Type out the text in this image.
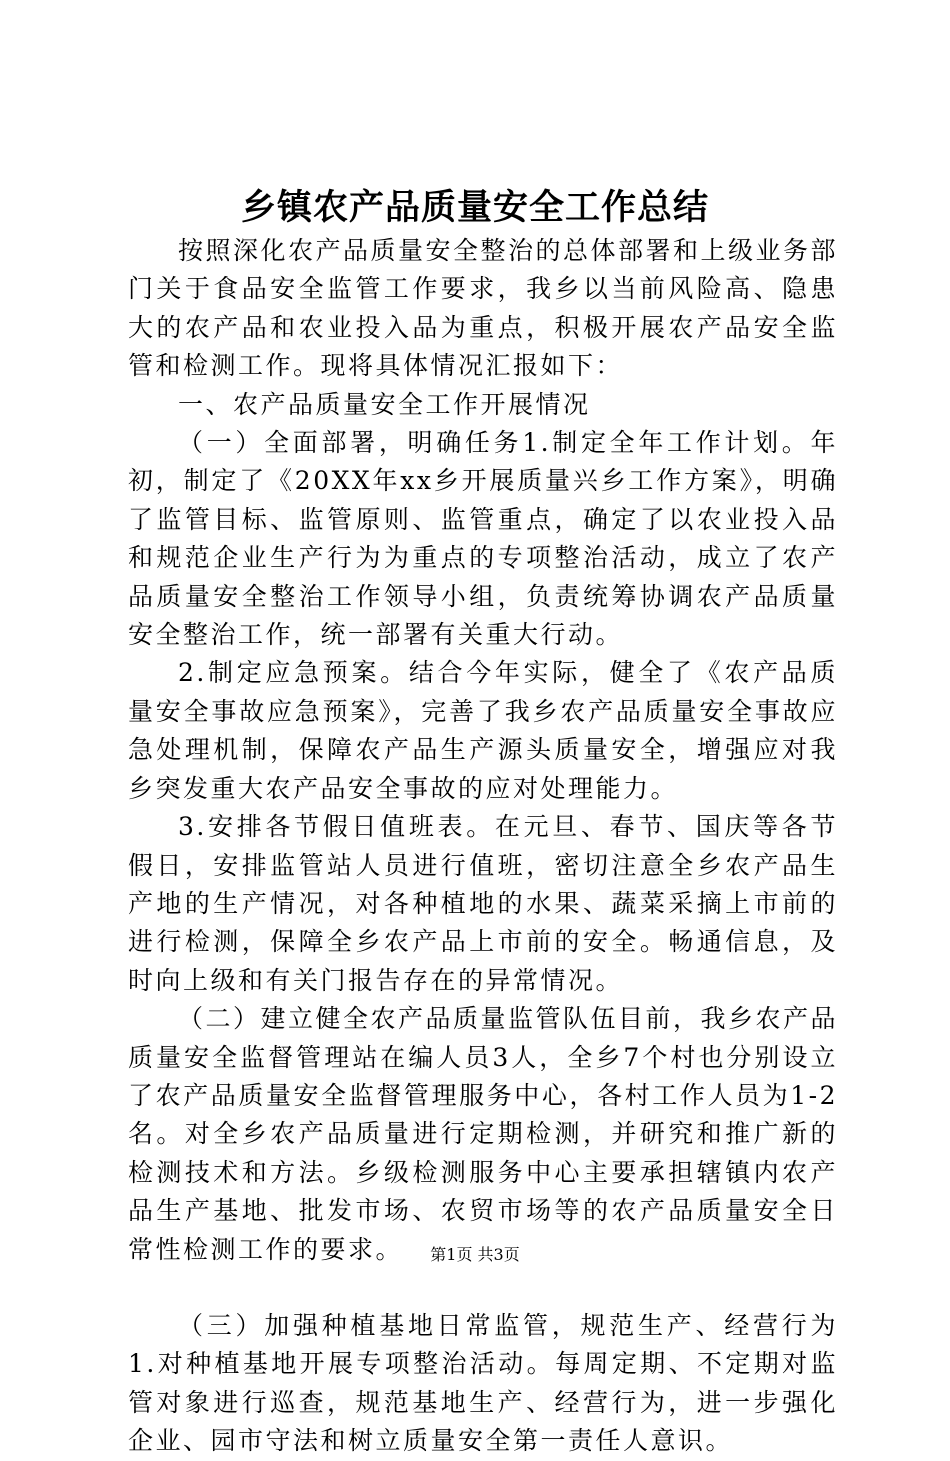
乡镇农产品质量安全工作总结

按照深化农产品质量安全整治的总体部署和上级业务部门关于食品安全监管工作要求，我乡以当前风险高、隐患大的农产品和农业投入品为重点，积极开展农产品安全监管和检测工作。现将具体情况汇报如下：

一、农产品质量安全工作开展情况

（一）全面部署，明确任务1.制定全年工作计划。年初，制定了《20XX年xx乡开展质量兴乡工作方案》，明确了监管目标、监管原则、监管重点，确定了以农业投入品和规范企业生产行为为重点的专项整治活动，成立了农产品质量安全整治工作领导小组，负责统筹协调农产品质量安全整治工作，统一部署有关重大行动。

2.制定应急预案。结合今年实际，健全了《农产品质量安全事故应急预案》，完善了我乡农产品质量安全事故应急处理机制，保障农产品生产源头质量安全，增强应对我乡突发重大农产品安全事故的应对处理能力。

3.安排各节假日值班表。在元旦、春节、国庆等各节假日，安排监管站人员进行值班，密切注意全乡农产品生产地的生产情况，对各种植地的水果、蔬菜采摘上市前的进行检测，保障全乡农产品上市前的安全。畅通信息，及时向上级和有关门报告存在的异常情况。

（二）建立健全农产品质量监管队伍目前，我乡农产品质量安全监督管理站在编人员3人，全乡7个村也分别设立了农产品质量安全监督管理服务中心，各村工作人员为1-2名。对全乡农产品质量进行定期检测，并研究和推广新的检测技术和方法。乡级检测服务中心主要承担辖镇内农产品生产基地、批发市场、农贸市场等的农产品质量安全日常性检测工作的要求。

（三）加强种植基地日常监管，规范生产、经营行为1.对种植基地开展专项整治活动。每周定期、不定期对监管对象进行巡查，规范基地生产、经营行为，进一步强化企业、园市守法和树立质量安全第一责任人意识。

第1页 共3页
